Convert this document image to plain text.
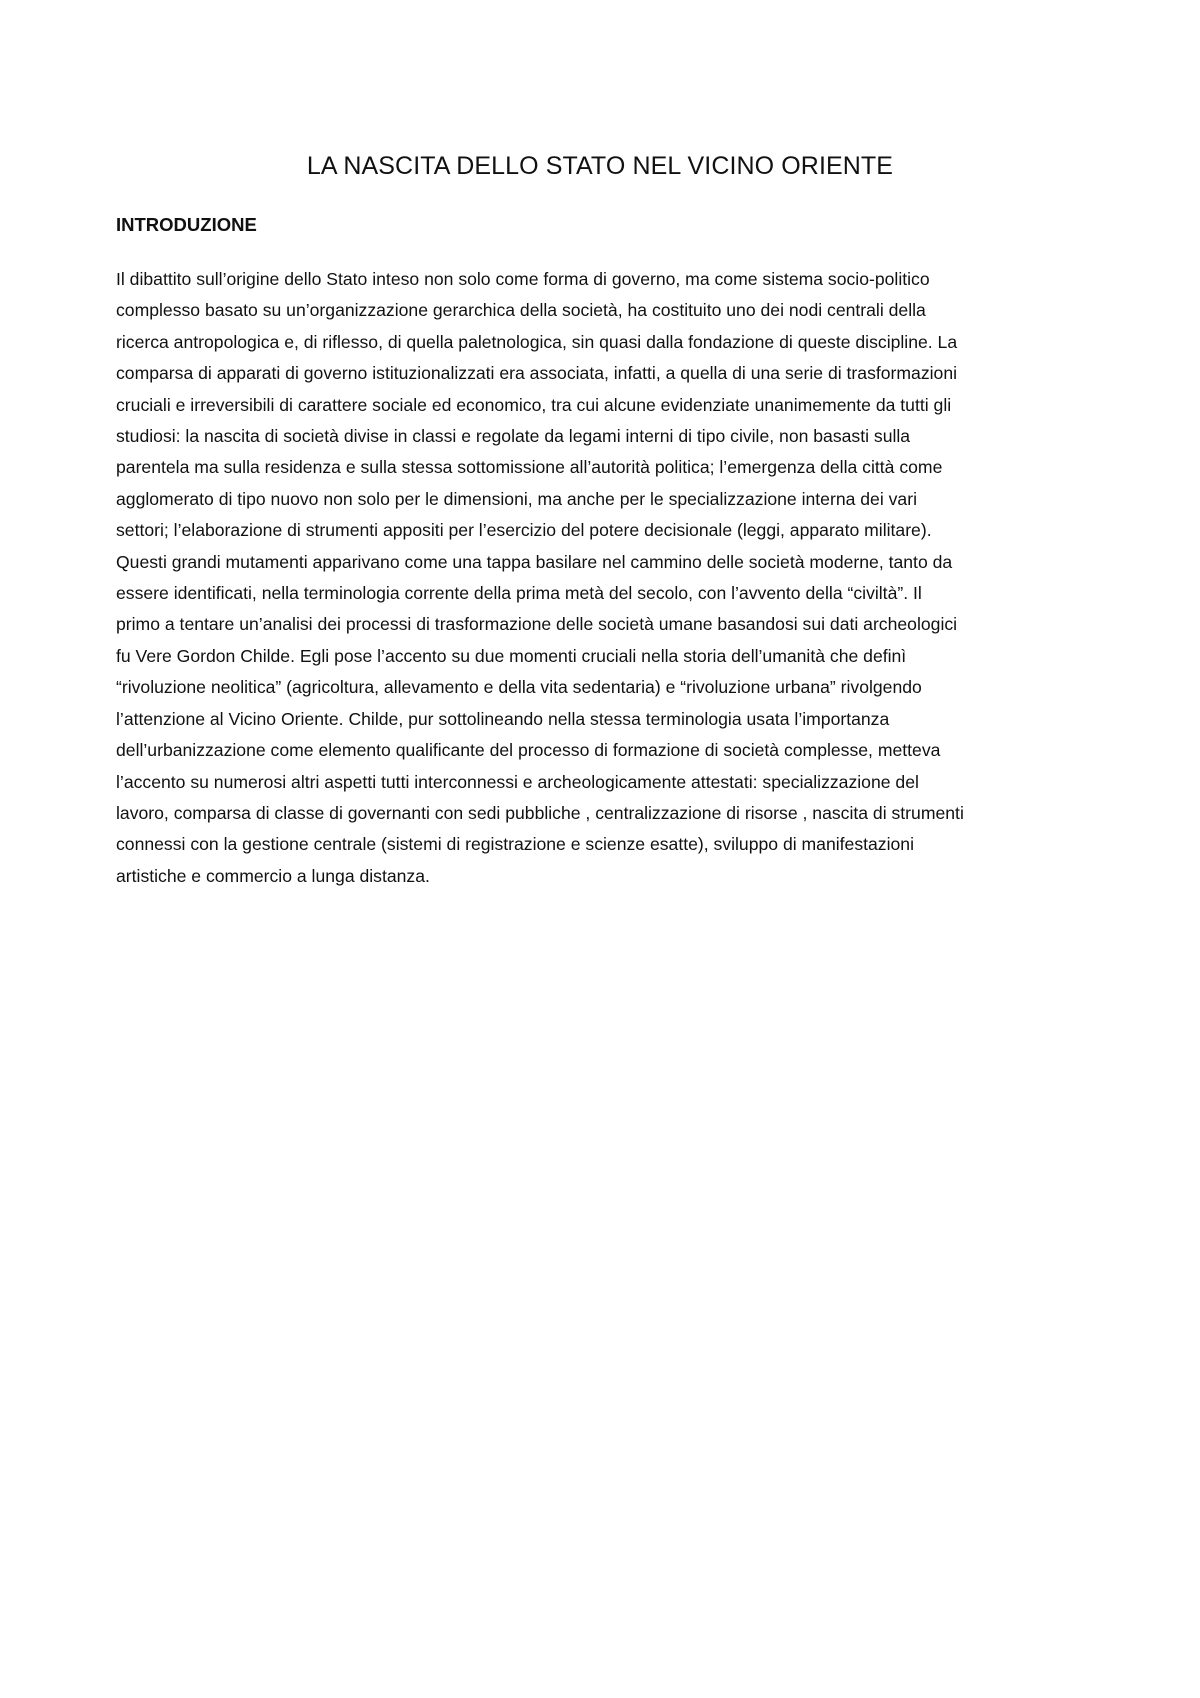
LA NASCITA DELLO STATO NEL VICINO ORIENTE
INTRODUZIONE

Il dibattito sull’origine dello Stato inteso non solo come forma di governo, ma come sistema socio-politico
complesso basato su un’organizzazione gerarchica della società, ha costituito uno dei nodi centrali della
ricerca antropologica e, di riflesso, di quella paletnologica, sin quasi dalla fondazione di queste discipline. La
comparsa di apparati di governo istituzionalizzati era associata, infatti, a quella di una serie di trasformazioni
cruciali e irreversibili di carattere sociale ed economico, tra cui alcune evidenziate unanimemente da tutti gli
studiosi: la nascita di società divise in classi e regolate da legami interni di tipo civile, non basasti sulla
parentela ma sulla residenza e sulla stessa sottomissione all’autorità politica; l’emergenza della città come
agglomerato di tipo nuovo non solo per le dimensioni, ma anche per le specializzazione interna dei vari
settori; l’elaborazione di strumenti appositi per l’esercizio del potere decisionale (leggi, apparato militare).
Questi grandi mutamenti apparivano come una tappa basilare nel cammino delle società moderne, tanto da
essere identificati, nella terminologia corrente della prima metà del secolo, con l’avvento della “civiltà”. Il
primo a tentare un’analisi dei processi di trasformazione delle società umane basandosi sui dati archeologici
fu Vere Gordon Childe. Egli pose l’accento su due momenti cruciali nella storia dell’umanità che definì
“rivoluzione neolitica” (agricoltura, allevamento e della vita sedentaria) e “rivoluzione urbana” rivolgendo
l’attenzione al Vicino Oriente. Childe, pur sottolineando nella stessa terminologia usata l’importanza
dell’urbanizzazione come elemento qualificante del processo di formazione di società complesse, metteva
l’accento su numerosi altri aspetti tutti interconnessi e archeologicamente attestati: specializzazione del
lavoro, comparsa di classe di governanti con sedi pubbliche , centralizzazione di risorse , nascita di strumenti
connessi con la gestione centrale (sistemi di registrazione e scienze esatte), sviluppo di manifestazioni
artistiche e commercio a lunga distanza.
